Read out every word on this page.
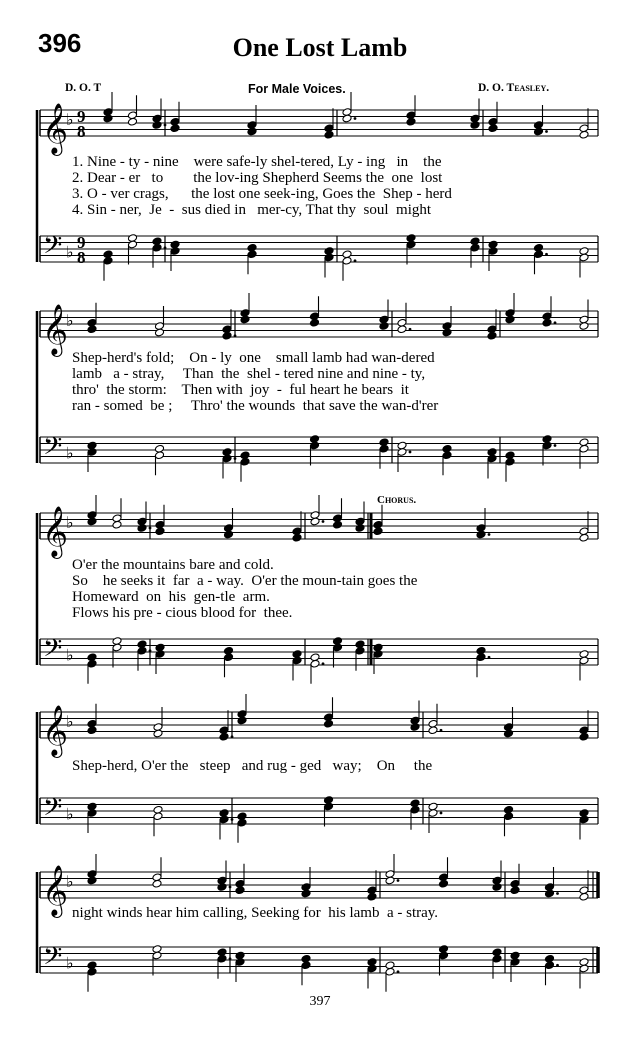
396	One Lost Lamb
D. O. T	For Male Voices.	D. O. Teasley.
Chorus.
𝄞
♭ 9
8
𝄢 ♭
9
8
1. Nine - ty - nine    were safe-ly shel-tered, Ly - ing   in    the
2. Dear - er   to        the lov-ing Shepherd Seems the  one  lost
3. O - ver crags,      the lost one seek-ing, Goes the  Shep - herd
4. Sin - ner,  Je  -  sus died in   mer-cy, That thy  soul  might
𝄞
♭
𝄢 ♭
Shep-herd's fold;    On - ly  one    small lamb had wan-dered
lamb   a - stray,     Than  the  shel - tered nine and nine - ty,
thro'  the storm:    Then with  joy  -  ful heart he bears  it
ran - somed  be ;     Thro' the wounds  that save the wan-d'rer
𝄞
♭
𝄢 ♭
O'er the mountains bare and cold.
So    he seeks it  far  a - way.  O'er the moun-tain goes the
Homeward  on  his  gen-tle  arm.
Flows his pre - cious blood for  thee.
𝄞
♭
𝄢 ♭
Shep-herd, O'er the   steep   and rug - ged   way;    On     the
𝄞
♭
𝄢 ♭
night winds hear him calling, Seeking for  his lamb  a - stray.
397
